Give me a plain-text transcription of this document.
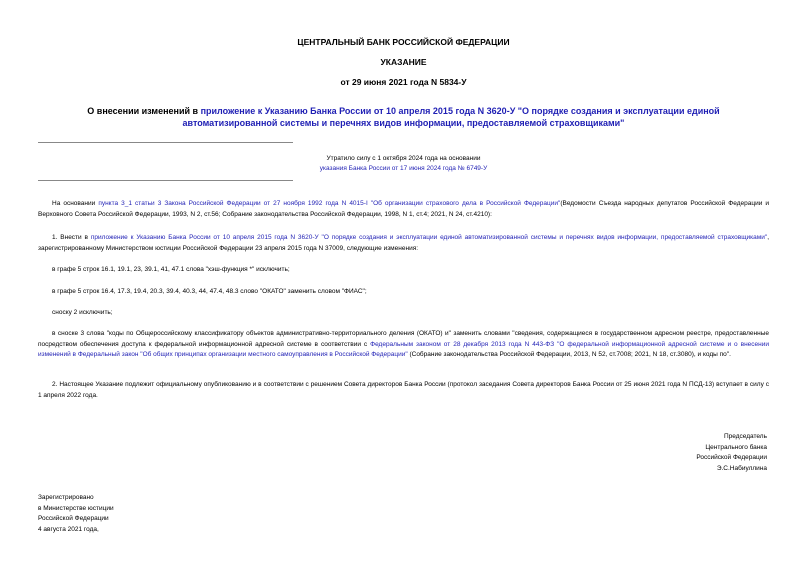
ЦЕНТРАЛЬНЫЙ БАНК РОССИЙСКОЙ ФЕДЕРАЦИИ
УКАЗАНИЕ
от 29 июня 2021 года N 5834-У
О внесении изменений в приложение к Указанию Банка России от 10 апреля 2015 года N 3620-У "О порядке создания и эксплуатации единой автоматизированной системы и перечнях видов информации, предоставляемой страховщиками"
Утратило силу с 1 октября 2024 года на основании
указания Банка России от 17 июня 2024 года № 6749-У
На основании пункта 3_1 статьи 3 Закона Российской Федерации от 27 ноября 1992 года N 4015-I "Об организации страхового дела в Российской Федерации"(Ведомости Съезда народных депутатов Российской Федерации и Верховного Совета Российской Федерации, 1993, N 2, ст.56; Собрание законодательства Российской Федерации, 1998, N 1, ст.4; 2021, N 24, ст.4210):
1. Внести в приложение к Указанию Банка России от 10 апреля 2015 года N 3620-У "О порядке создания и эксплуатации единой автоматизированной системы и перечнях видов информации, предоставляемой страховщиками", зарегистрированному Министерством юстиции Российской Федерации 23 апреля 2015 года N 37009, следующие изменения:
в графе 5 строк 16.1, 19.1, 23, 39.1, 41, 47.1 слова "хэш-функция *" исключить;
в графе 5 строк 16.4, 17.3, 19.4, 20.3, 39.4, 40.3, 44, 47.4, 48.3 слово "ОКАТО" заменить словом "ФИАС";
сноску 2 исключить;
в сноске 3 слова "коды по Общероссийскому классификатору объектов административно-территориального деления (ОКАТО) и" заменить словами "сведения, содержащиеся в государственном адресном реестре, предоставленные посредством обеспечения доступа к федеральной информационной адресной системе в соответствии с Федеральным законом от 28 декабря 2013 года N 443-ФЗ "О федеральной информационной адресной системе и о внесении изменений в Федеральный закон "Об общих принципах организации местного самоуправления в Российской Федерации" (Собрание законодательства Российской Федерации, 2013, N 52, ст.7008; 2021, N 18, ст.3080), и коды по".
2. Настоящее Указание подлежит официальному опубликованию и в соответствии с решением Совета директоров Банка России (протокол заседания Совета директоров Банка России от 25 июня 2021 года N ПСД-13) вступает в силу с 1 апреля 2022 года.
Председатель
Центрального банка
Российской Федерации
Э.С.Набиуллина
Зарегистрировано
в Министерстве юстиции
Российской Федерации
4 августа 2021 года,
